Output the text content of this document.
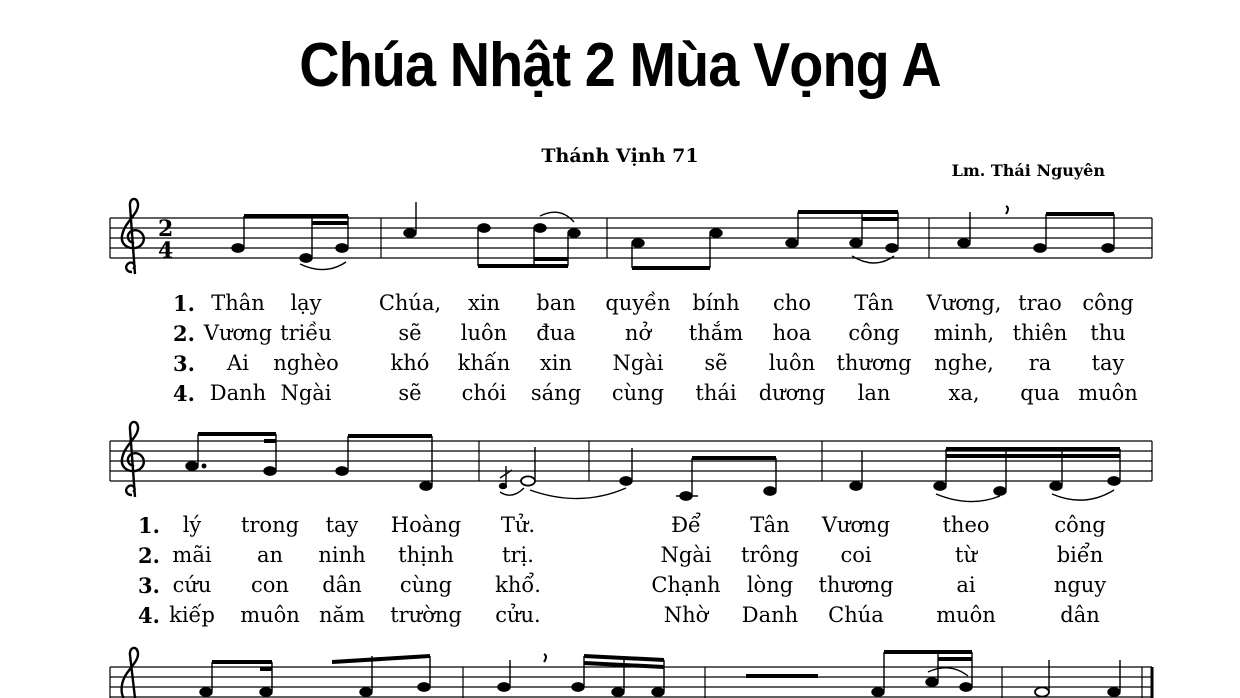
Chúa Nhật 2 Mùa Vọng A
Thánh Vịnh 71
Lm. Thái Nguyên
2
4
1. Thân lạy	Chúa, xin ban quyền bính cho Tân Vương, trao công
2. Vương triều	sẽ luôn đua nở thắm hoa công minh, thiên thu
3. Ai nghèo khó khấn xin Ngài sẽ luôn thương nghe, ra tay
4. Danh Ngài	sẽ chói sáng cùng thái dương lan	xa, qua muôn
1. lý trong tay Hoàng Tử.	Để Tân Vương theo	công
2. mãi an ninh thịnh trị.	Ngài trông coi	từ	biển
3. cứu con dân cùng khổ.	Chạnh lòng thương	ai	nguy
4. kiếp muôn năm trường cửu.	Nhờ Danh Chúa muôn	dân
